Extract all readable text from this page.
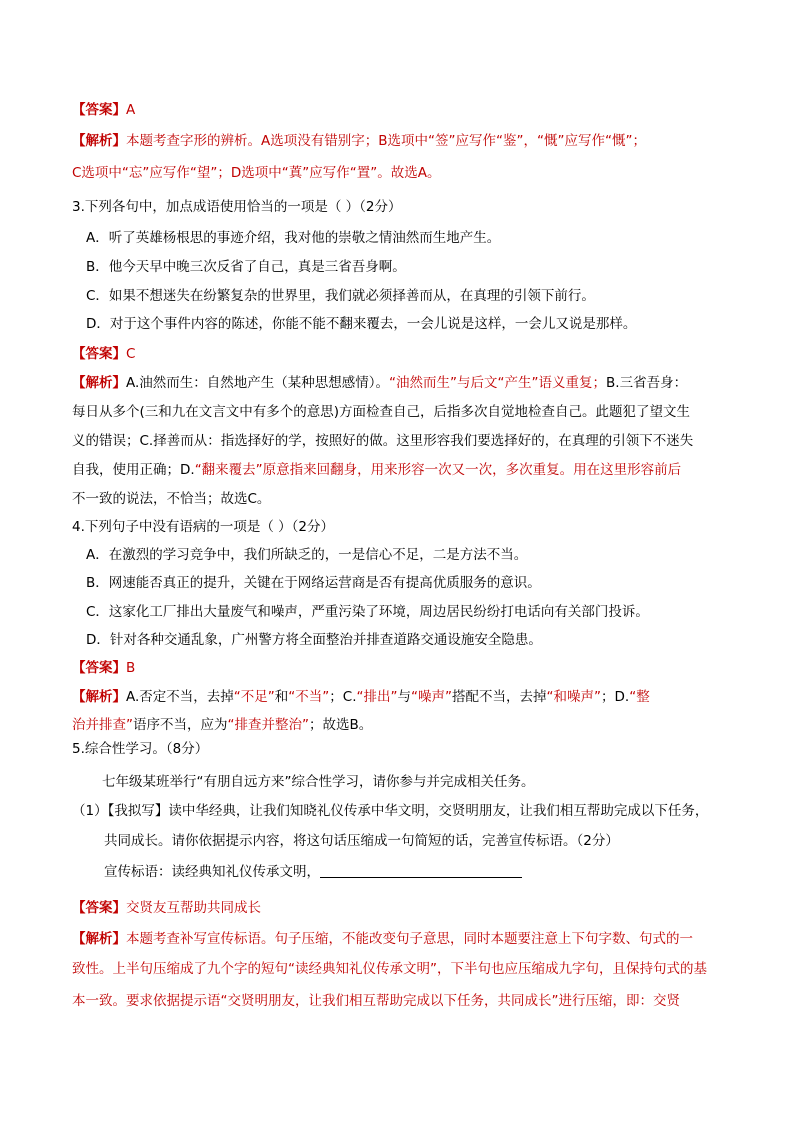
【答案】A
【解析】本题考查字形的辨析。A选项没有错别字；B选项中“签”应写作“鉴”，“慨”应写作“慨”；
C选项中“忘”应写作“望”；D选项中“蒖”应写作“置”。故选A。
3.下列各句中，加点成语使用恰当的一项是（ ）（2分）
A．听了英雄杨根思的事迹介绍，我对他的崇敬之情油然而生地产生。
B．他今天早中晚三次反省了自己，真是三省吾身啊。
C．如果不想迷失在纷繁复杂的世界里，我们就必须择善而从，在真理的引领下前行。
D．对于这个事件内容的陈述，你能不能不翻来覆去，一会儿说是这样，一会儿又说是那样。
【答案】C
【解析】A.油然而生：自然地产生（某种思想感情）。“油然而生”与后文“产生”语义重复；B.三省吾身：
每日从多个(三和九在文言文中有多个的意思)方面检查自己，后指多次自觉地检查自己。此题犯了望文生
义的错误；C.择善而从：指选择好的学，按照好的做。这里形容我们要选择好的，在真理的引领下不迷失
自我，使用正确；D.“翻来覆去”原意指来回翻身，用来形容一次又一次，多次重复。用在这里形容前后
不一致的说法，不恰当；故选C。
4.下列句子中没有语病的一项是（ ）（2分）
A．在激烈的学习竞争中，我们所缺乏的，一是信心不足，二是方法不当。
B．网速能否真正的提升，关键在于网络运营商是否有提高优质服务的意识。
C．这家化工厂排出大量废气和噪声，严重污染了环境，周边居民纷纷打电话向有关部门投诉。
D．针对各种交通乱象，广州警方将全面整治并排查道路交通设施安全隐患。
【答案】B
【解析】A.否定不当，去掉“不足”和“不当”；C.“排出”与“噪声”搭配不当，去掉“和噪声”；D.“整
治并排查”语序不当，应为“排查并整治”；故选B。
5.综合性学习。（8分）
七年级某班举行“有朋自远方来”综合性学习，请你参与并完成相关任务。
（1）【我拟写】读中华经典，让我们知晓礼仪传承中华文明，交贤明朋友，让我们相互帮助完成以下任务，
共同成长。请你依据提示内容，将这句话压缩成一句简短的话，完善宣传标语。（2分）
宣传标语：读经典知礼仪传承文明，
【答案】交贤友互帮助共同成长
【解析】本题考查补写宣传标语。句子压缩，不能改变句子意思，同时本题要注意上下句字数、句式的一
致性。上半句压缩成了九个字的短句“读经典知礼仪传承文明”，下半句也应压缩成九字句，且保持句式的基
本一致。要求依据提示语“交贤明朋友，让我们相互帮助完成以下任务，共同成长”进行压缩，即：交贤
